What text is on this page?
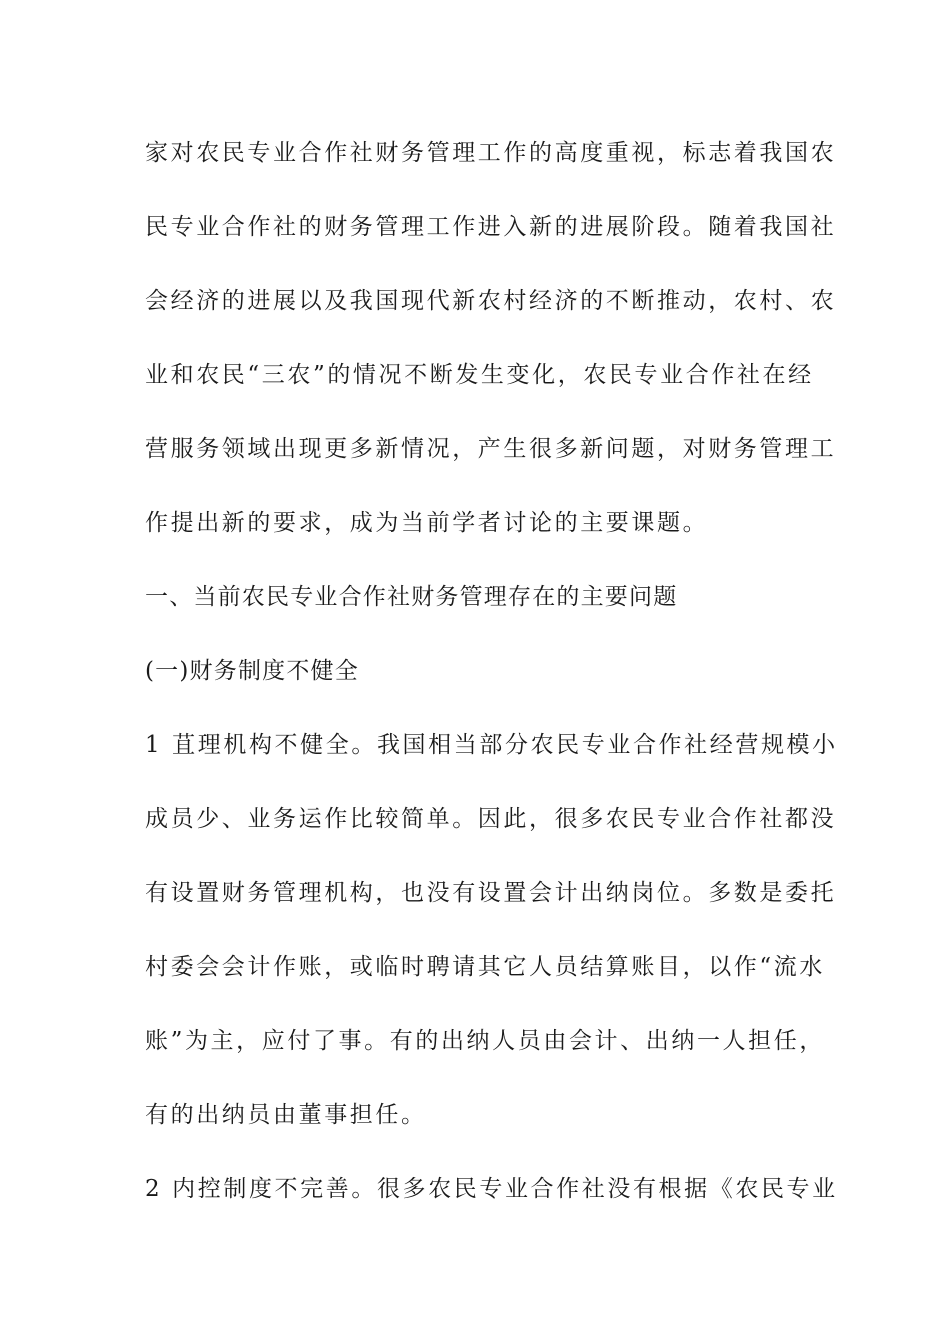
家对农民专业合作社财务管理工作的高度重视，标志着我国农
民专业合作社的财务管理工作进入新的进展阶段。随着我国社
会经济的进展以及我国现代新农村经济的不断推动，农村、农
业和农民“三农”的情况不断发生变化，农民专业合作社在经
营服务领域出现更多新情况，产生很多新问题，对财务管理工
作提出新的要求，成为当前学者讨论的主要课题。
一、当前农民专业合作社财务管理存在的主要问题
(一)财务制度不健全
1 苴理机构不健全。我国相当部分农民专业合作社经营规模小
成员少、业务运作比较简单。因此，很多农民专业合作社都没
有设置财务管理机构，也没有设置会计出纳岗位。多数是委托
村委会会计作账，或临时聘请其它人员结算账目，以作“流水
账”为主，应付了事。有的出纳人员由会计、出纳一人担任，
有的出纳员由董事担任。
2 内控制度不完善。很多农民专业合作社没有根据《农民专业
